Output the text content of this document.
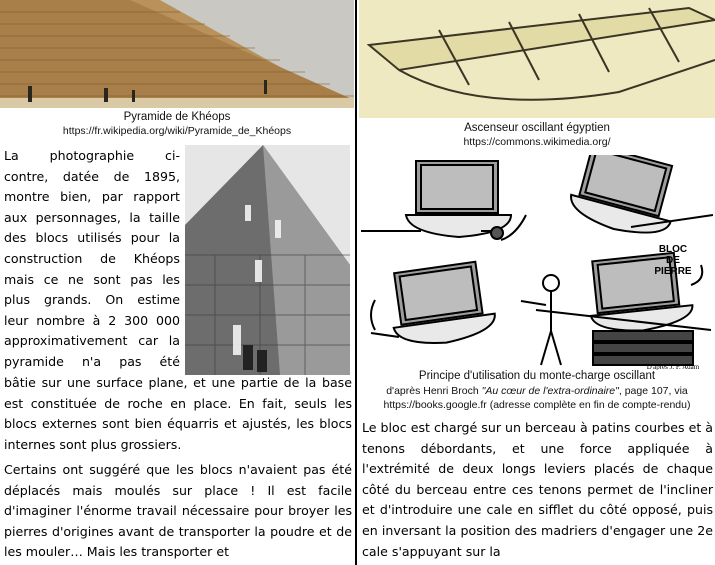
Pyramide de Khéops
https://fr.wikipedia.org/wiki/Pyramide_de_Khéops
La photographie ci-
contre, datée de 1895,
montre bien, par rapport
aux personnages, la taille
des blocs utilisés pour la
construction de Khéops
mais ce ne sont pas les
plus grands. On estime
leur nombre à 2 300 000
approximativement car la
pyramide n'a pas été
bâtie sur une surface plane, et une partie de la base est constituée de roche en place. En fait, seuls les blocs externes sont bien équarris et ajustés, les blocs internes sont plus grossiers.
Certains ont suggéré que les blocs n'avaient pas été déplacés mais moulés sur place ! Il est facile d'imaginer l'énorme travail nécessaire pour broyer les pierres d'origines avant de transporter la poudre et de les mouler… Mais les transporter et
Ascenseur oscillant égyptien
https://commons.wikimedia.org/
BLOC
DE
PIERRE
D'après J. P. Adam
Principe d'utilisation du monte-charge oscillant
d'après Henri Broch "Au cœur de l'extra-ordinaire", page 107, via
https://books.google.fr (adresse complète en fin de compte-rendu)
Le bloc est chargé sur un berceau à patins courbes et à tenons débordants, et une force appliquée à l'extrémité de deux longs leviers placés de chaque côté du berceau entre ces tenons permet de l'incliner et d'introduire une cale en sifflet du côté opposé, puis en inversant la position des madriers d'engager une 2e cale s'appuyant sur la
